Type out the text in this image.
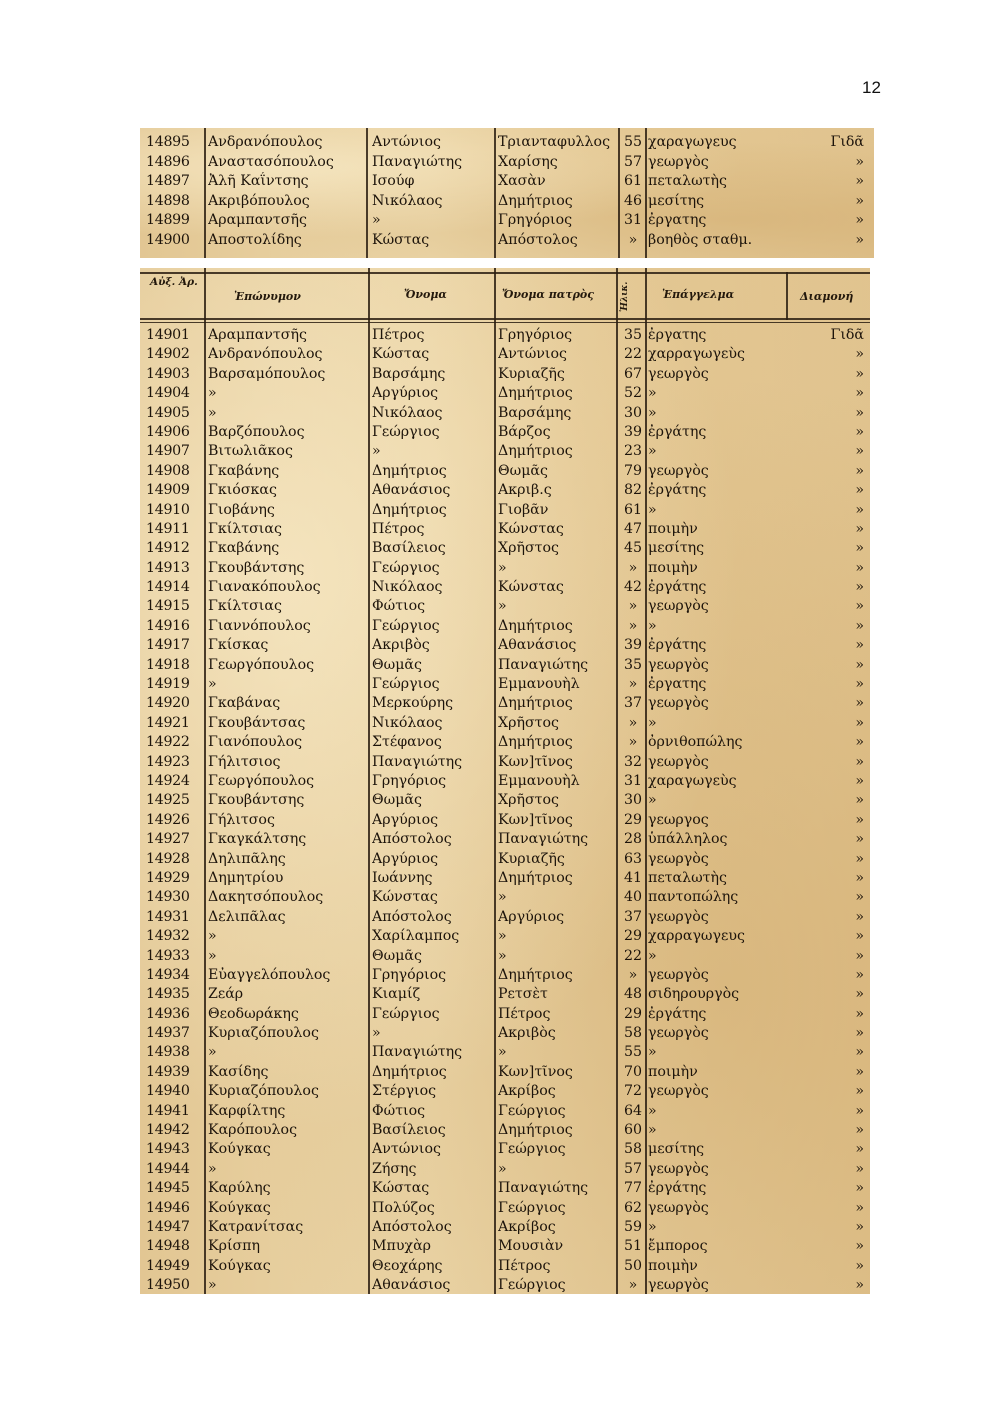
12
14895	Ανδρανόπουλος	Αντώνιος	Τριανταφυλλος 55 χαραγωγευς	Γιδᾶ
14896	Αναστασόπουλος	Παναγιώτης	Χαρίσης	57 γεωργὸς	»
14897	Ἀλῆ Καΐντσης	Ισούφ	Χασὰν	61 πεταλωτὴς	»
14898	Ακριβόπουλος	Νικόλαος	Δημήτριος	46 μεσίτης	»
14899	Αραμπαντσῆς	»	Γρηγόριος	31 ἐργατης	»
14900	Αποστολίδης	Κώστας	Απόστολος	» βοηθὸς σταθμ.	»
Αὐξ. Ἀρ.
Ἐπώνυμον	Ὄνομα	Ὄνομα πατρὸς	Ἡλικ.	Ἐπάγγελμα	Διαμονή
14901	Αραμπαντσῆς	Πέτρος	Γρηγόριος	35 ἐργατης	Γιδᾶ
14902	Ανδρανόπουλος	Κώστας	Αντώνιος	22 χαρραγωγεὺς	»
14903	Βαρσαμόπουλος	Βαρσάμης	Κυριαζῆς	67 γεωργὸς	»
14904	»	Αργύριος	Δημήτριος	52 »	»
14905	»	Νικόλαος	Βαρσάμης	30 »	»
14906	Βαρζόπουλος	Γεώργιος	Βάρζος	39 ἐργάτης	»
14907	Βιτωλιᾶκος	»	Δημήτριος	23 »	»
14908	Γκαβάνης	Δημήτριος	Θωμᾶς	79 γεωργὸς	»
14909	Γκιόσκας	Αθανάσιος	Ακριβ.ς	82 ἐργάτης	»
14910	Γιοβάνης	Δημήτριος	Γιοβᾶν	61 »	»
14911	Γκίλτσιας	Πέτρος	Κώνστας	47 ποιμὴν	»
14912	Γκαβάνης	Βασίλειος	Χρῆστος	45 μεσίτης	»
14913	Γκουβάντσης	Γεώργιος	»	» ποιμὴν	»
14914	Γιανακόπουλος	Νικόλαος	Κώνστας	42 ἐργάτης	»
14915	Γκίλτσιας	Φώτιος	»	» γεωργὸς	»
14916	Γιαννόπουλος	Γεώργιος	Δημήτριος	» »	»
14917	Γκίσκας	Ακριβὸς	Αθανάσιος	39 ἐργάτης	»
14918	Γεωργόπουλος	Θωμᾶς	Παναγιώτης	35 γεωργὸς	»
14919	»	Γεώργιος	Εμμανουὴλ	» ἐργατης	»
14920	Γκαβάνας	Μερκούρης	Δημήτριος	37 γεωργὸς	»
14921	Γκουβάντσας	Νικόλαος	Χρῆστος	» »	»
14922	Γιανόπουλος	Στέφανος	Δημήτριος	» ὀρνιθοπώλης	»
14923	Γήλιτσιος	Παναγιώτης	Κων]τῖνος	32 γεωργὸς	»
14924	Γεωργόπουλος	Γρηγόριος	Εμμανουὴλ	31 χαραγωγεὺς	»
14925	Γκουβάντσης	Θωμᾶς	Χρῆστος	30 »	»
14926	Γήλιτσος	Αργύριος	Κων]τῖνος	29 γεωργος	»
14927	Γκαγκάλτσης	Απόστολος	Παναγιώτης	28 ὑπάλληλος	»
14928	Δηλιπᾶλης	Αργύριος	Κυριαζῆς	63 γεωργὸς	»
14929	Δημητρίου	Ιωάννης	Δημήτριος	41 πεταλωτὴς	»
14930	Δακητσόπουλος	Κώνστας	»	40 παντοπώλης	»
14931	Δελιπᾶλας	Απόστολος	Αργύριος	37 γεωργὸς	»
14932	»	Χαρίλαμπος	»	29 χαρραγωγευς	»
14933	»	Θωμᾶς	»	22 »	»
14934	Εὐαγγελόπουλος	Γρηγόριος	Δημήτριος	» γεωργὸς	»
14935	Ζεάρ	Κιαμίζ	Ρετσὲτ	48 σιδηρουργὸς	»
14936	Θεοδωράκης	Γεώργιος	Πέτρος	29 ἐργάτης	»
14937	Κυριαζόπουλος	»	Ακριβὸς	58 γεωργὸς	»
14938	»	Παναγιώτης	»	55 »	»
14939	Κασίδης	Δημήτριος	Κων]τῖνος	70 ποιμὴν	»
14940	Κυριαζόπουλος	Στέργιος	Ακρίβος	72 γεωργὸς	»
14941	Καρφίλτης	Φώτιος	Γεώργιος	64 »	»
14942	Καρόπουλος	Βασίλειος	Δημήτριος	60 »	»
14943	Κούγκας	Αντώνιος	Γεώργιος	58 μεσίτης	»
14944	»	Ζήσης	»	57 γεωργὸς	»
14945	Καρύλης	Κώστας	Παναγιώτης	77 ἐργάτης	»
14946	Κούγκας	Πολύζος	Γεώργιος	62 γεωργὸς	»
14947	Κατρανίτσας	Απόστολος	Ακρίβος	59 »	»
14948	Κρίσπη	Μπυχὰρ	Μουσιὰν	51 ἔμπορος	»
14949	Κούγκας	Θεοχάρης	Πέτρος	50 ποιμὴν	»
14950	»	Αθανάσιος	Γεώργιος	» γεωργὸς	»
